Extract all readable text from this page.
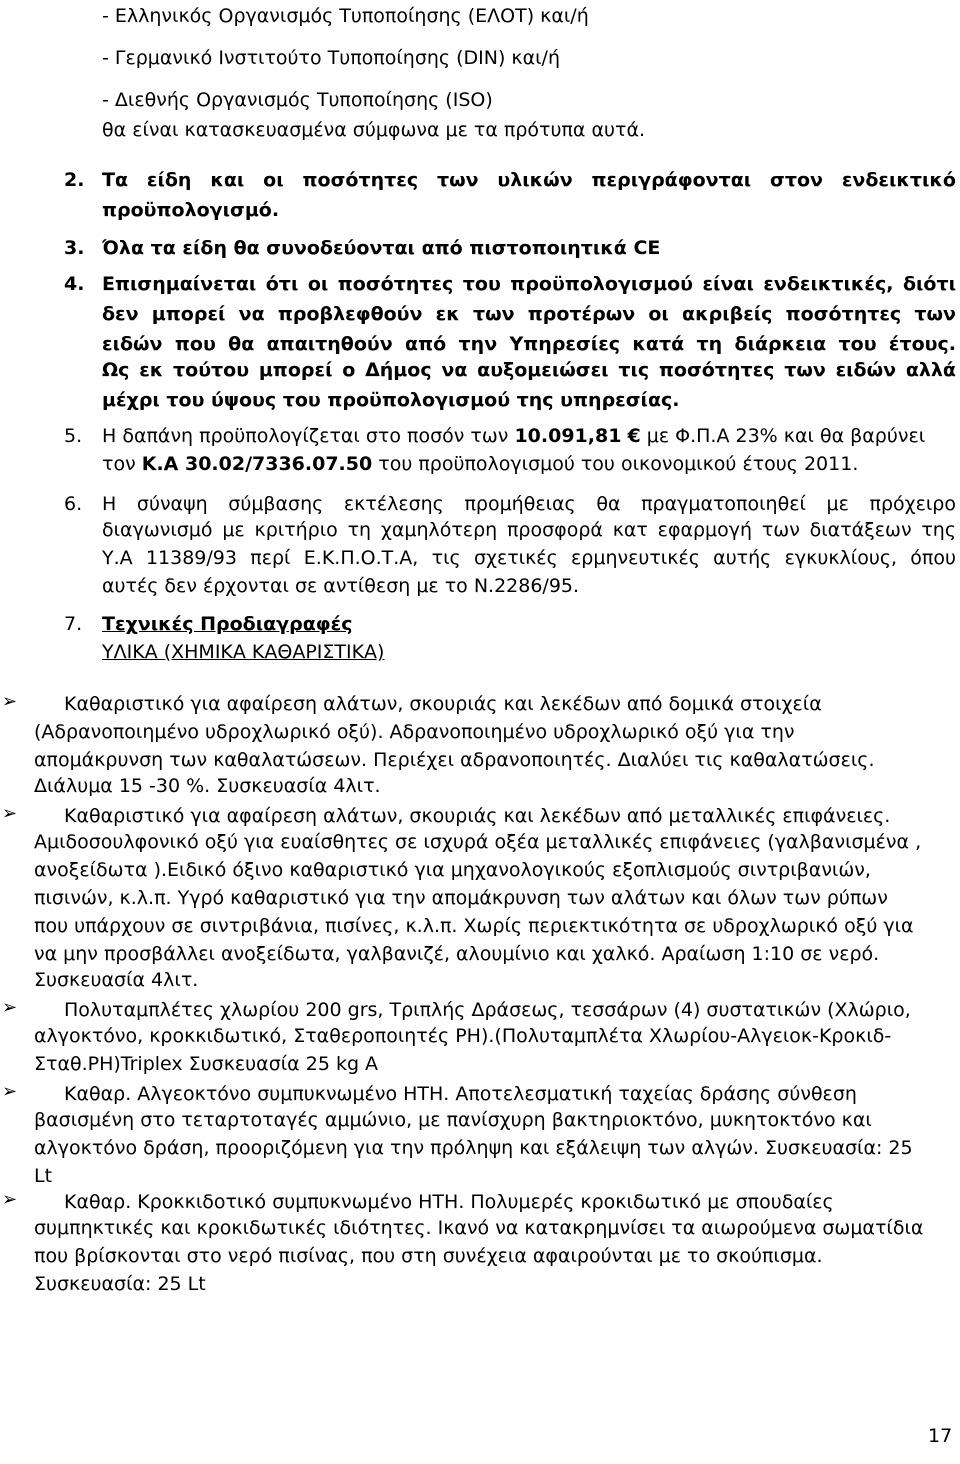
- Ελληνικός Οργανισμός Τυποποίησης (ΕΛΟΤ) και/ή
- Γερμανικό Ινστιτούτο Τυποποίησης (DIN) και/ή
- Διεθνής Οργανισμός Τυποποίησης (ISO)
θα είναι κατασκευασμένα σύμφωνα με τα πρότυπα αυτά.
2. Τα είδη και οι ποσότητες των υλικών περιγράφονται στον ενδεικτικό
προϋπολογισμό.
3. Όλα τα είδη θα συνοδεύονται από πιστοποιητικά CE
4. Επισημαίνεται ότι οι ποσότητες του προϋπολογισμού είναι ενδεικτικές, διότι
δεν μπορεί να προβλεφθούν εκ των προτέρων οι ακριβείς ποσότητες των
ειδών που θα απαιτηθούν από την Υπηρεσίες κατά τη διάρκεια του έτους.
Ως εκ τούτου μπορεί ο Δήμος να αυξομειώσει τις ποσότητες των ειδών αλλά
μέχρι του ύψους του προϋπολογισμού της υπηρεσίας.
5. Η δαπάνη προϋπολογίζεται στο ποσόν των 10.091,81 € με Φ.Π.Α 23% και θα βαρύνει
τον Κ.Α 30.02/7336.07.50 του προϋπολογισμού του οικονομικού έτους 2011.
6. Η σύναψη σύμβασης εκτέλεσης προμήθειας θα πραγματοποιηθεί με πρόχειρο
διαγωνισμό με κριτήριο τη χαμηλότερη προσφορά κατ εφαρμογή των διατάξεων της
Υ.Α 11389/93 περί Ε.Κ.Π.Ο.Τ.Α, τις σχετικές ερμηνευτικές αυτής εγκυκλίους, όπου
αυτές δεν έρχονται σε αντίθεση με το Ν.2286/95.
7. Τεχνικές Προδιαγραφές
ΥΛΙΚΑ (ΧΗΜΙΚΑ ΚΑΘΑΡΙΣΤΙΚΑ)
➢ Καθαριστικό για αφαίρεση αλάτων, σκουριάς και λεκέδων από δομικά στοιχεία
(Αδρανοποιημένο υδροχλωρικό οξύ). Αδρανοποιημένο υδροχλωρικό οξύ για την
απομάκρυνση των καθαλατώσεων. Περιέχει αδρανοποιητές. Διαλύει τις καθαλατώσεις.
Διάλυμα 15 -30 %. Συσκευασία 4λιτ.
➢ Καθαριστικό για αφαίρεση αλάτων, σκουριάς και λεκέδων από μεταλλικές επιφάνειες.
Αμιδοσουλφονικό οξύ για ευαίσθητες σε ισχυρά οξέα μεταλλικές επιφάνειες (γαλβανισμένα ,
ανοξείδωτα ).Ειδικό όξινο καθαριστικό για μηχανολογικούς εξοπλισμούς σιντριβανιών,
πισινών, κ.λ.π. Υγρό καθαριστικό για την απομάκρυνση των αλάτων και όλων των ρύπων
που υπάρχουν σε σιντριβάνια, πισίνες, κ.λ.π. Χωρίς περιεκτικότητα σε υδροχλωρικό οξύ για
να μην προσβάλλει ανοξείδωτα, γαλβανιζέ, αλουμίνιο και χαλκό. Αραίωση 1:10 σε νερό.
Συσκευασία 4λιτ.
➢ Πολυταμπλέτες χλωρίου 200 grs, Τριπλής Δράσεως, τεσσάρων (4) συστατικών (Χλώριο,
αλγοκτόνο, κροκκιδωτικό, Σταθεροποιητές PH).(Πολυταμπλέτα Χλωρίου-Αλγειοκ-Κροκιδ-
Σταθ.PH)Triplex Συσκευασία 25 kg A
➢ Καθαρ. Αλγεοκτόνο συμπυκνωμένο ΗΤΗ. Αποτελεσματική ταχείας δράσης σύνθεση
βασισμένη στο τεταρτοταγές αμμώνιο, με πανίσχυρη βακτηριοκτόνο, μυκητοκτόνο και
αλγοκτόνο δράση, προοριζόμενη για την πρόληψη και εξάλειψη των αλγών. Συσκευασία: 25
Lt
➢ Καθαρ. Κροκκιδοτικό συμπυκνωμένο ΗΤΗ. Πολυμερές κροκιδωτικό με σπουδαίες
συμπηκτικές και κροκιδωτικές ιδιότητες. Ικανό να κατακρημνίσει τα αιωρούμενα σωματίδια
που βρίσκονται στο νερό πισίνας, που στη συνέχεια αφαιρούνται με το σκούπισμα.
Συσκευασία: 25 Lt
17
